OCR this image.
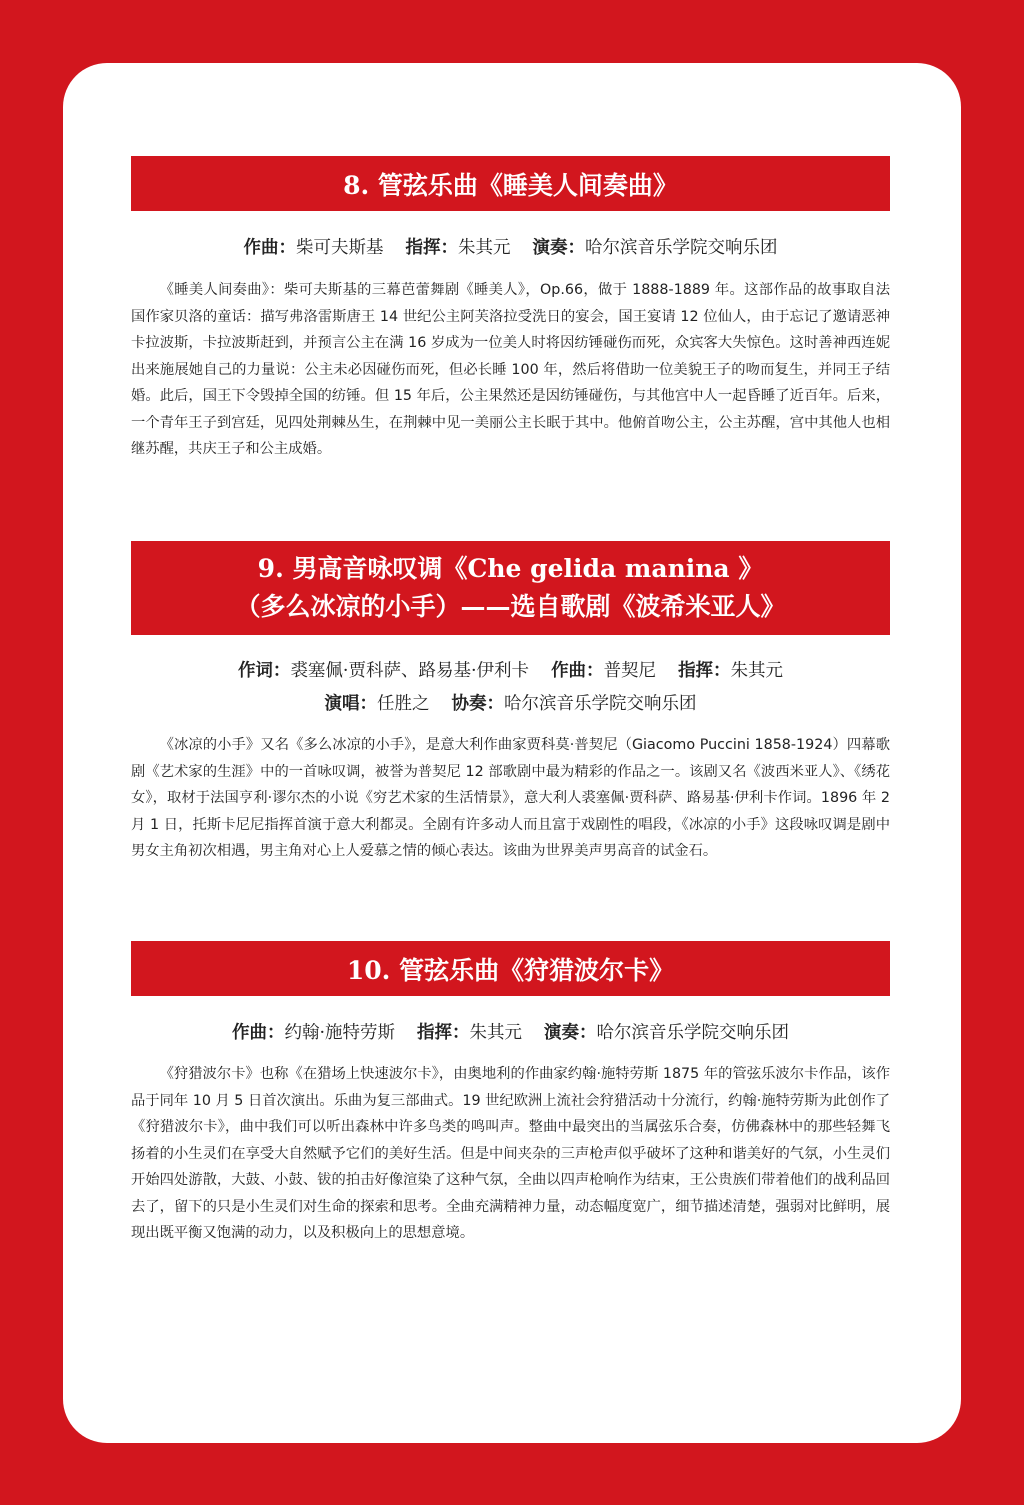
8. 管弦乐曲《睡美人间奏曲》
作曲：柴可夫斯基 指挥：朱其元 演奏：哈尔滨音乐学院交响乐团

《睡美人间奏曲》：柴可夫斯基的三幕芭蕾舞剧《睡美人》，Op.66，做于 1888-1889 年。这部作品的故事取自法国作家贝洛的童话：描写弗洛雷斯唐王 14 世纪公主阿芙洛拉受洗日的宴会，国王宴请 12 位仙人，由于忘记了邀请恶神卡拉波斯，卡拉波斯赶到，并预言公主在满 16 岁成为一位美人时将因纺锤碰伤而死，众宾客大失惊色。这时善神西连妮出来施展她自己的力量说：公主未必因碰伤而死，但必长睡 100 年，然后将借助一位美貌王子的吻而复生，并同王子结婚。此后，国王下令毁掉全国的纺锤。但 15 年后，公主果然还是因纺锤碰伤，与其他宫中人一起昏睡了近百年。后来，一个青年王子到宫廷，见四处荆棘丛生，在荆棘中见一美丽公主长眠于其中。他俯首吻公主，公主苏醒，宫中其他人也相继苏醒，共庆王子和公主成婚。

9. 男高音咏叹调《Che gelida manina 》
（多么冰凉的小手）——选自歌剧《波希米亚人》
作词：裘塞佩·贾科萨、路易基·伊利卡 作曲：普契尼 指挥：朱其元
演唱：任胜之 协奏：哈尔滨音乐学院交响乐团

《冰凉的小手》又名《多么冰凉的小手》，是意大利作曲家贾科莫·普契尼（Giacomo Puccini 1858-1924）四幕歌剧《艺术家的生涯》中的一首咏叹调，被誉为普契尼 12 部歌剧中最为精彩的作品之一。该剧又名《波西米亚人》、《绣花女》，取材于法国亨利·谬尔杰的小说《穷艺术家的生活情景》，意大利人裘塞佩·贾科萨、路易基·伊利卡作词。1896 年 2 月 1 日，托斯卡尼尼指挥首演于意大利都灵。全剧有许多动人而且富于戏剧性的唱段，《冰凉的小手》这段咏叹调是剧中男女主角初次相遇，男主角对心上人爱慕之情的倾心表达。该曲为世界美声男高音的试金石。

10. 管弦乐曲《狩猎波尔卡》
作曲：约翰·施特劳斯 指挥：朱其元 演奏：哈尔滨音乐学院交响乐团

《狩猎波尔卡》也称《在猎场上快速波尔卡》，由奥地利的作曲家约翰·施特劳斯 1875 年的管弦乐波尔卡作品，该作品于同年 10 月 5 日首次演出。乐曲为复三部曲式。19 世纪欧洲上流社会狩猎活动十分流行，约翰·施特劳斯为此创作了《狩猎波尔卡》，曲中我们可以听出森林中许多鸟类的鸣叫声。整曲中最突出的当属弦乐合奏，仿佛森林中的那些轻舞飞扬着的小生灵们在享受大自然赋予它们的美好生活。但是中间夹杂的三声枪声似乎破坏了这种和谐美好的气氛，小生灵们开始四处游散，大鼓、小鼓、钹的拍击好像渲染了这种气氛，全曲以四声枪响作为结束，王公贵族们带着他们的战利品回去了，留下的只是小生灵们对生命的探索和思考。全曲充满精神力量，动态幅度宽广，细节描述清楚，强弱对比鲜明，展现出既平衡又饱满的动力，以及积极向上的思想意境。
